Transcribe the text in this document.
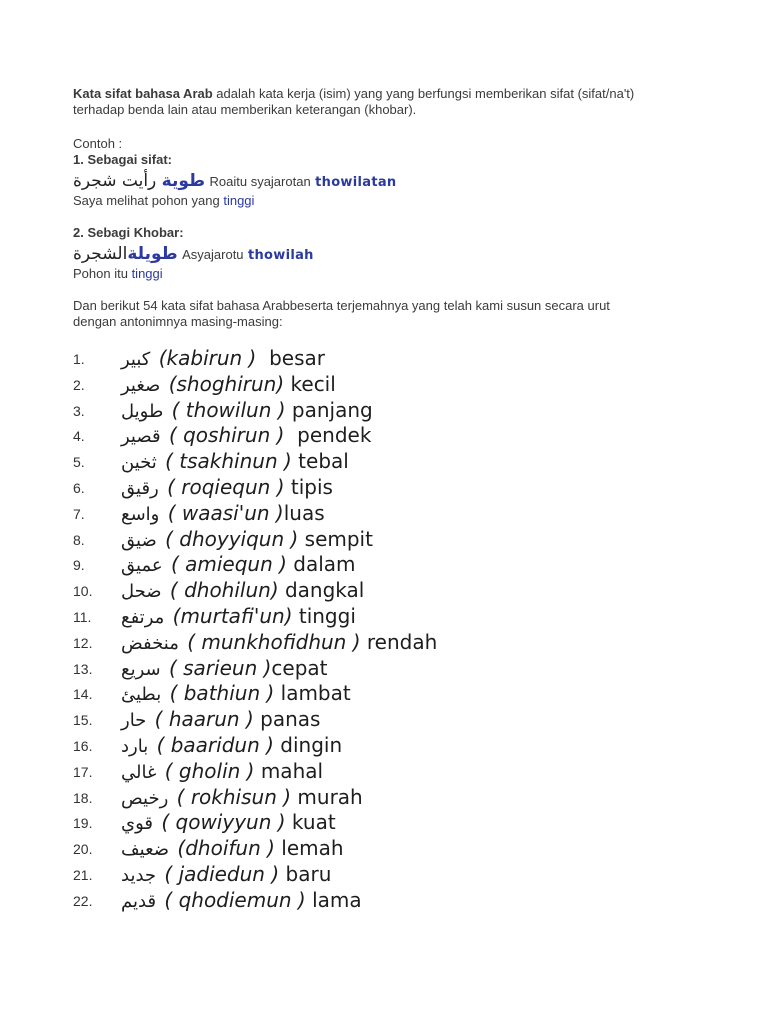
Kata sifat bahasa Arab adalah kata kerja (isim) yang yang berfungsi memberikan sifat (sifat/na't)
terhadap benda lain atau memberikan keterangan (khobar).
Contoh :
1. Sebagai sifat:
طوية رأيت شجرة	Roaitu syajarotan thowilatan
Saya melihat pohon yang tinggi
2. Sebagi Khobar:
طويلةالشجرة	Asyajarotu thowilah
Pohon itu tinggi
Dan berikut 54 kata sifat bahasa Arabbeserta terjemahnya yang telah kami susun secara urut
dengan antonimnya masing-masing:
1.	كبير (kabirun )  besar
2.	صغير (shoghirun) kecil
3.	طويل ( thowilun ) panjang
4.	قصير ( qoshirun )  pendek
5.	ثخين ( tsakhinun ) tebal
6.	رقيق ( roqiequn ) tipis
7.	واسع ( waasi'un )luas
8.	ضيق ( dhoyyiqun ) sempit
9.	عميق ( amiequn ) dalam
10.	ضحل ( dhohilun) dangkal
11.	مرتفع (murtafi'un) tinggi
12.	منخفض ( munkhofidhun ) rendah
13.	سريع ( sarieun )cepat
14.	بطيئ ( bathiun ) lambat
15.	حار ( haarun ) panas
16.	بارد ( baaridun ) dingin
17.	غالي ( gholin ) mahal
18.	رخيص ( rokhisun ) murah
19.	قوي ( qowiyyun ) kuat
20.	ضعيف (dhoifun ) lemah
21.	جديد ( jadiedun ) baru
22.	قديم ( qhodiemun ) lama
